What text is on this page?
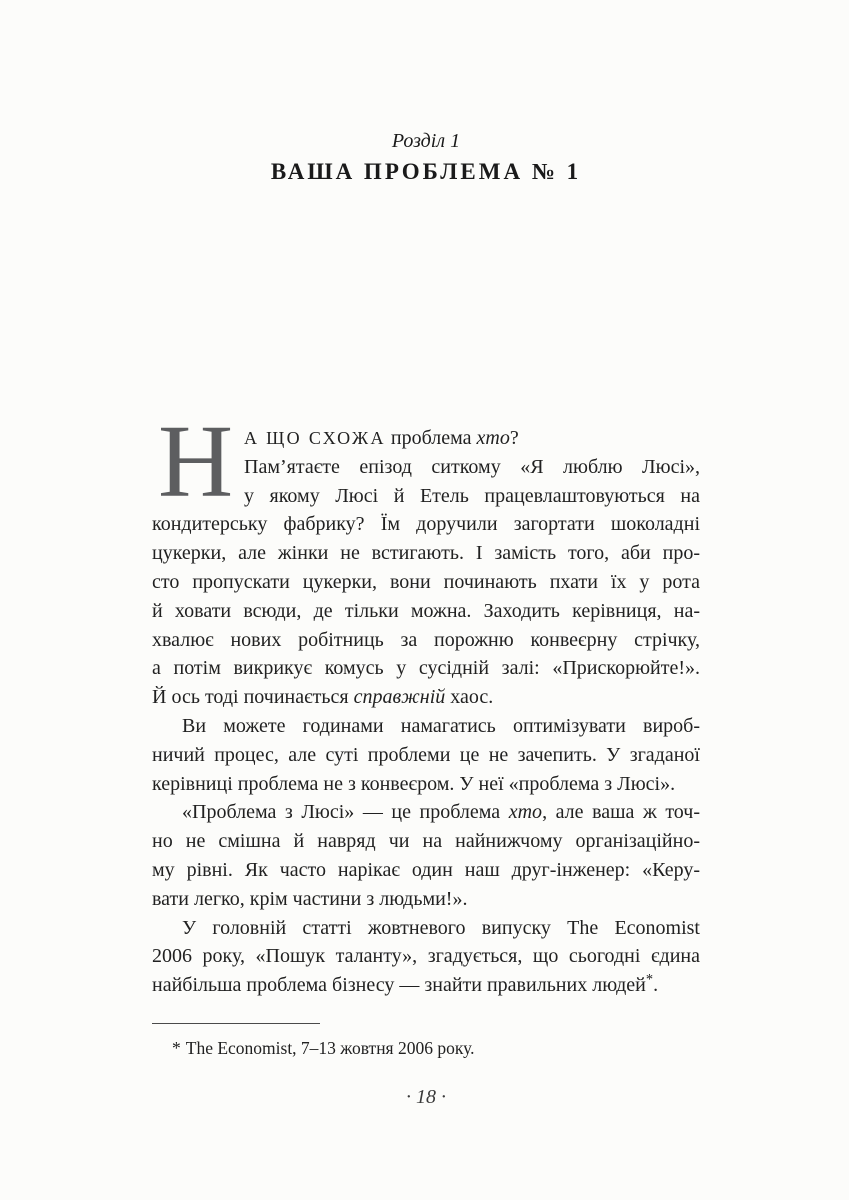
Розділ 1
ВАША ПРОБЛЕМА № 1
Н А ЩО СХОЖА проблема хто?
Пам’ятаєте епізод ситкому «Я люблю Люсі»,
у якому Люсі й Етель працевлаштовуються на
кондитерську фабрику? Їм доручили загортати шоколадні
цукерки, але жінки не встигають. І замість того, аби про-
сто пропускати цукерки, вони починають пхати їх у рота
й ховати всюди, де тільки можна. Заходить керівниця, на-
хвалює нових робітниць за порожню конвеєрну стрічку,
а потім викрикує комусь у сусідній залі: «Прискорюйте!».
Й ось тоді починається справжній хаос.
Ви можете годинами намагатись оптимізувати вироб-
ничий процес, але суті проблеми це не зачепить. У згаданої
керівниці проблема не з конвеєром. У неї «проблема з Люсі».
«Проблема з Люсі» — це проблема хто, але ваша ж точ-
но не смішна й навряд чи на найнижчому організаційно-
му рівні. Як часто нарікає один наш друг-інженер: «Керу-
вати легко, крім частини з людьми!».
У головній статті жовтневого випуску The Economist
2006 року, «Пошук таланту», згадується, що сьогодні єдина
найбільша проблема бізнесу — знайти правильних людей*.
* The Economist, 7–13 жовтня 2006 року.
· 18 ·
